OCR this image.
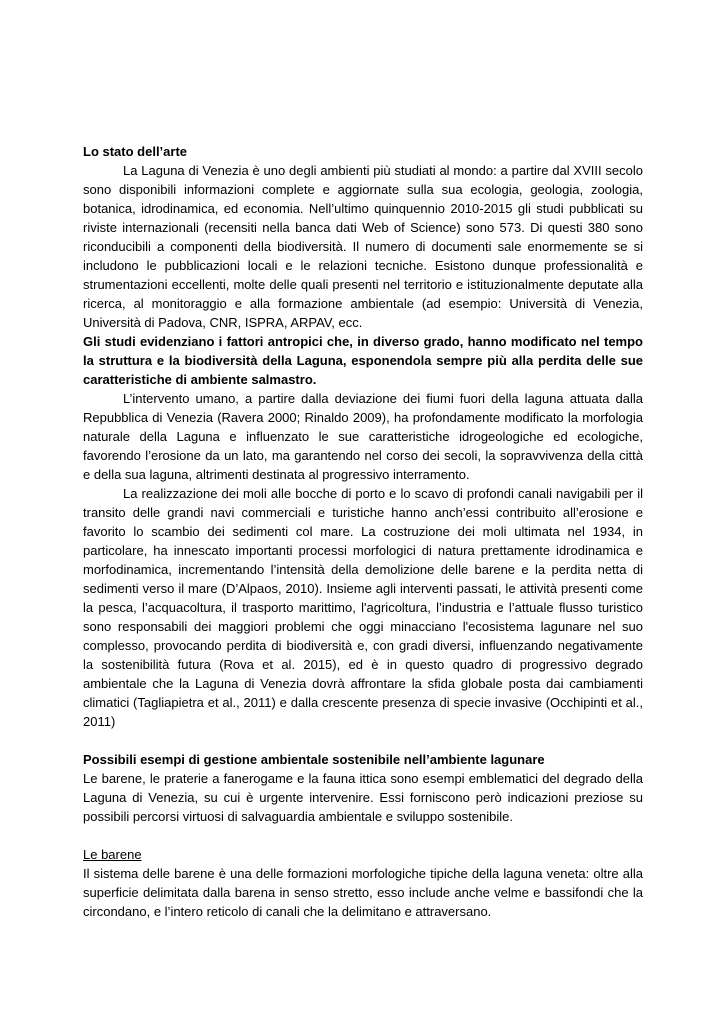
Lo stato dell’arte

La Laguna di Venezia è uno degli ambienti più studiati al mondo: a partire dal XVIII secolo sono disponibili informazioni complete e aggiornate sulla sua ecologia, geologia, zoologia, botanica, idrodinamica, ed economia. Nell’ultimo quinquennio 2010-2015 gli studi pubblicati su riviste internazionali (recensiti nella banca dati Web of Science) sono 573. Di questi 380 sono riconducibili a componenti della biodiversità. Il numero di documenti sale enormemente se si includono le pubblicazioni locali e le relazioni tecniche. Esistono dunque professionalità e strumentazioni eccellenti, molte delle quali presenti nel territorio e istituzionalmente deputate alla ricerca, al monitoraggio e alla formazione ambientale (ad esempio: Università di Venezia, Università di Padova, CNR, ISPRA, ARPAV, ecc.

Gli studi evidenziano i fattori antropici che, in diverso grado, hanno modificato nel tempo la struttura e la biodiversità della Laguna, esponendola sempre più alla perdita delle sue caratteristiche di ambiente salmastro.

L’intervento umano, a partire dalla deviazione dei fiumi fuori della laguna attuata dalla Repubblica di Venezia (Ravera 2000; Rinaldo 2009), ha profondamente modificato la morfologia naturale della Laguna e influenzato le sue caratteristiche idrogeologiche ed ecologiche, favorendo l’erosione da un lato, ma garantendo nel corso dei secoli, la sopravvivenza della città e della sua laguna, altrimenti destinata al progressivo interramento.

La realizzazione dei moli alle bocche di porto e lo scavo di profondi canali navigabili per il transito delle grandi navi commerciali e turistiche hanno anch’essi contribuito all’erosione e favorito lo scambio dei sedimenti col mare. La costruzione dei moli ultimata nel 1934, in particolare, ha innescato importanti processi morfologici di natura prettamente idrodinamica e morfodinamica, incrementando l’intensità della demolizione delle barene e la perdita netta di sedimenti verso il mare (D’Alpaos, 2010). Insieme agli interventi passati, le attività presenti come la pesca, l’acquacoltura, il trasporto marittimo, l'agricoltura, l’industria e l’attuale flusso turistico sono responsabili dei maggiori problemi che oggi minacciano l'ecosistema lagunare nel suo complesso, provocando perdita di biodiversità e, con gradi diversi, influenzando negativamente la sostenibilità futura (Rova et al. 2015), ed è in questo quadro di progressivo degrado ambientale che la Laguna di Venezia dovrà affrontare la sfida globale posta dai cambiamenti climatici (Tagliapietra et al., 2011) e dalla crescente presenza di specie invasive (Occhipinti et al., 2011)

Possibili esempi di gestione ambientale sostenibile nell’ambiente lagunare

Le barene, le praterie a fanerogame e la fauna ittica sono esempi emblematici del degrado della Laguna di Venezia, su cui è urgente intervenire. Essi forniscono però indicazioni preziose su possibili percorsi virtuosi di salvaguardia ambientale e sviluppo sostenibile.

Le barene

Il sistema delle barene è una delle formazioni morfologiche tipiche della laguna veneta: oltre alla superficie delimitata dalla barena in senso stretto, esso include anche velme e bassifondi che la circondano, e l’intero reticolo di canali che la delimitano e attraversano.
